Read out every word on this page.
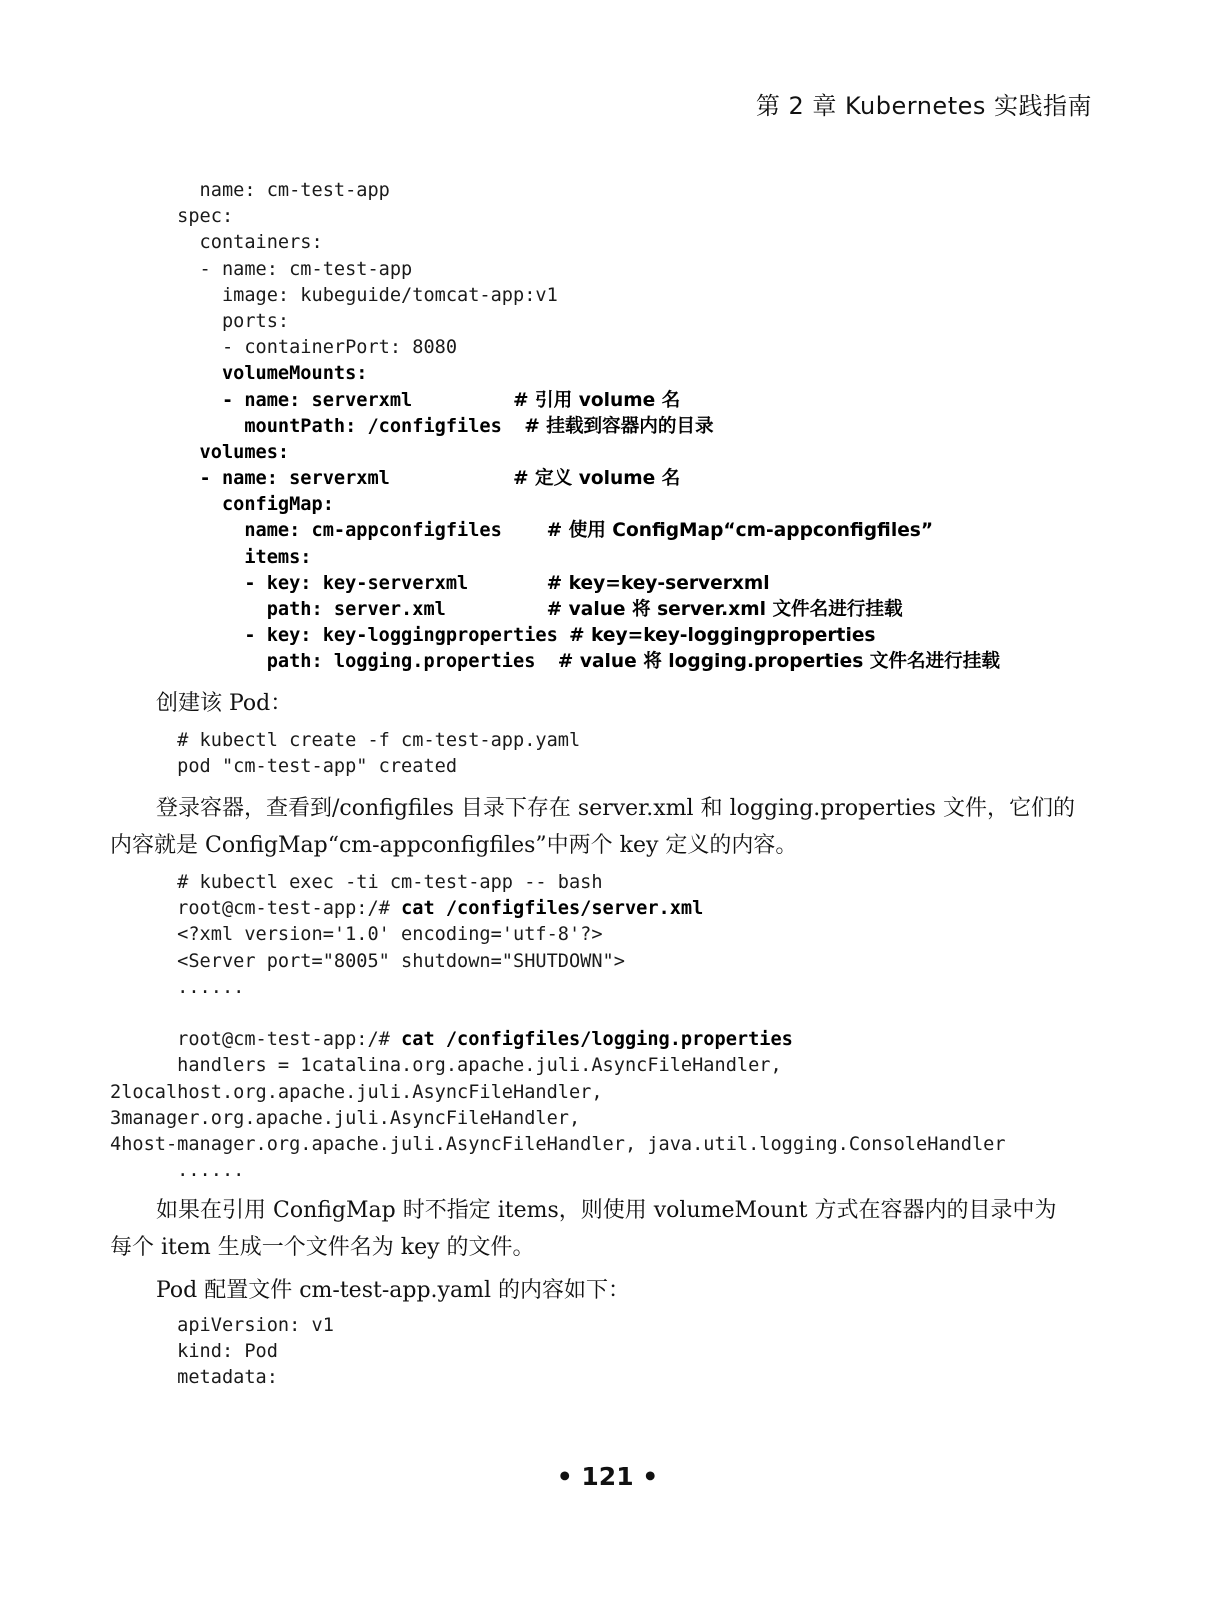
第 2 章 Kubernetes 实践指南
name: cm-test-app
spec:
containers:
- name: cm-test-app
image: kubeguide/tomcat-app:v1
ports:
- containerPort: 8080
volumeMounts:
- name: serverxml         # 引用 volume 名
mountPath: /configfiles  # 挂载到容器内的目录
volumes:
- name: serverxml           # 定义 volume 名
configMap:
name: cm-appconfigfiles    # 使用 ConfigMap“cm-appconfigfiles”
items:
- key: key-serverxml       # key=key-serverxml
path: server.xml         # value 将 server.xml 文件名进行挂载
- key: key-loggingproperties # key=key-loggingproperties
path: logging.properties  # value 将 logging.properties 文件名进行挂载

创建该 Pod：

# kubectl create -f cm-test-app.yaml
pod "cm-test-app" created

登录容器，查看到/configfiles 目录下存在 server.xml 和 logging.properties 文件，它们的内容就是 ConfigMap“cm-appconfigfiles”中两个 key 定义的内容。

# kubectl exec -ti cm-test-app -- bash
root@cm-test-app:/# cat /configfiles/server.xml
<?xml version='1.0' encoding='utf-8'?>
<Server port="8005" shutdown="SHUTDOWN">
......
root@cm-test-app:/# cat /configfiles/logging.properties
handlers = 1catalina.org.apache.juli.AsyncFileHandler,
2localhost.org.apache.juli.AsyncFileHandler,
3manager.org.apache.juli.AsyncFileHandler,
4host-manager.org.apache.juli.AsyncFileHandler, java.util.logging.ConsoleHandler
......

如果在引用 ConfigMap 时不指定 items，则使用 volumeMount 方式在容器内的目录中为每个 item 生成一个文件名为 key 的文件。

Pod 配置文件 cm-test-app.yaml 的内容如下：

apiVersion: v1
kind: Pod
metadata:
• 121 •
